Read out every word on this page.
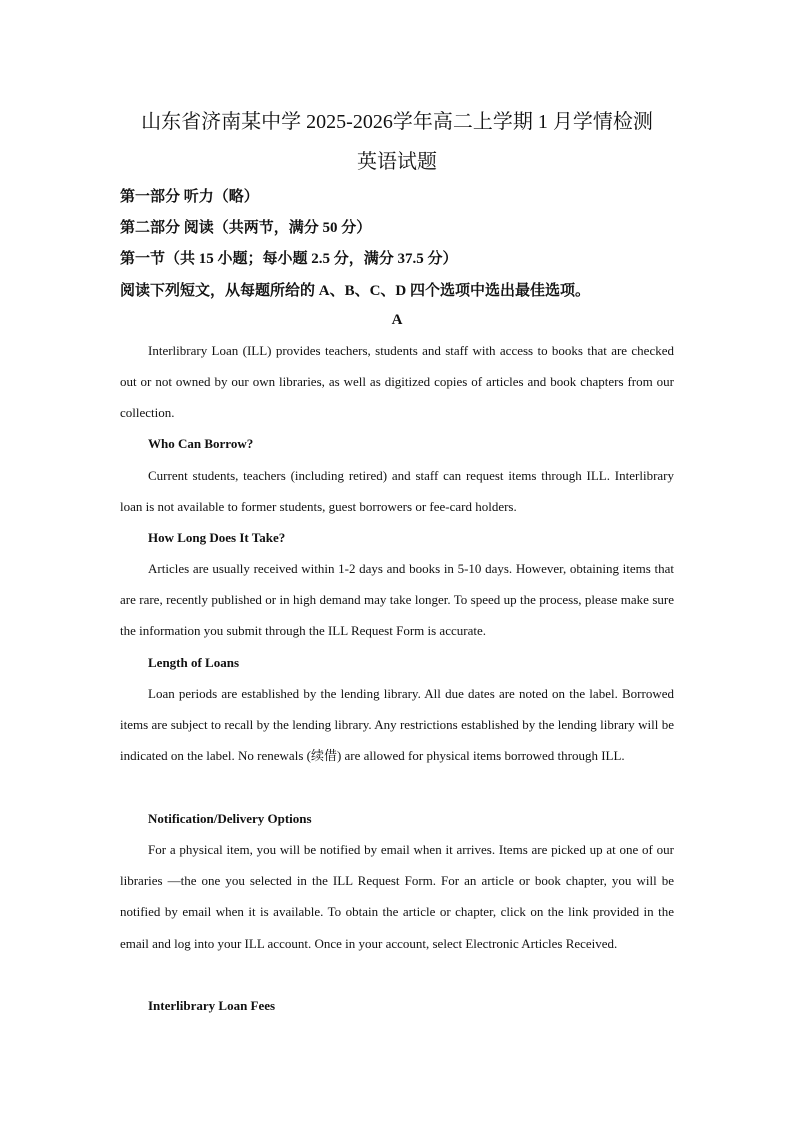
山东省济南某中学 2025-2026学年高二上学期 1 月学情检测
英语试题
第一部分 听力（略）
第二部分 阅读（共两节，满分 50 分）
第一节（共 15 小题；每小题 2.5 分，满分 37.5 分）
阅读下列短文，从每题所给的 A、B、C、D 四个选项中选出最佳选项。
A

Interlibrary Loan (ILL) provides teachers, students and staff with access to books that are checked out or not owned by our own libraries, as well as digitized copies of articles and book chapters from our collection.

Who Can Borrow?

Current students, teachers (including retired) and staff can request items through ILL. Interlibrary loan is not available to former students, guest borrowers or fee-card holders.

How Long Does It Take?

Articles are usually received within 1-2 days and books in 5-10 days. However, obtaining items that are rare, recently published or in high demand may take longer. To speed up the process, please make sure the information you submit through the ILL Request Form is accurate.

Length of Loans

Loan periods are established by the lending library. All due dates are noted on the label. Borrowed items are subject to recall by the lending library. Any restrictions established by the lending library will be indicated on the label. No renewals (续借) are allowed for physical items borrowed through ILL.

Notification/Delivery Options

For a physical item, you will be notified by email when it arrives. Items are picked up at one of our libraries —the one you selected in the ILL Request Form. For an article or book chapter, you will be notified by email when it is available. To obtain the article or chapter, click on the link provided in the email and log into your ILL account. Once in your account, select Electronic Articles Received.

Interlibrary Loan Fees
